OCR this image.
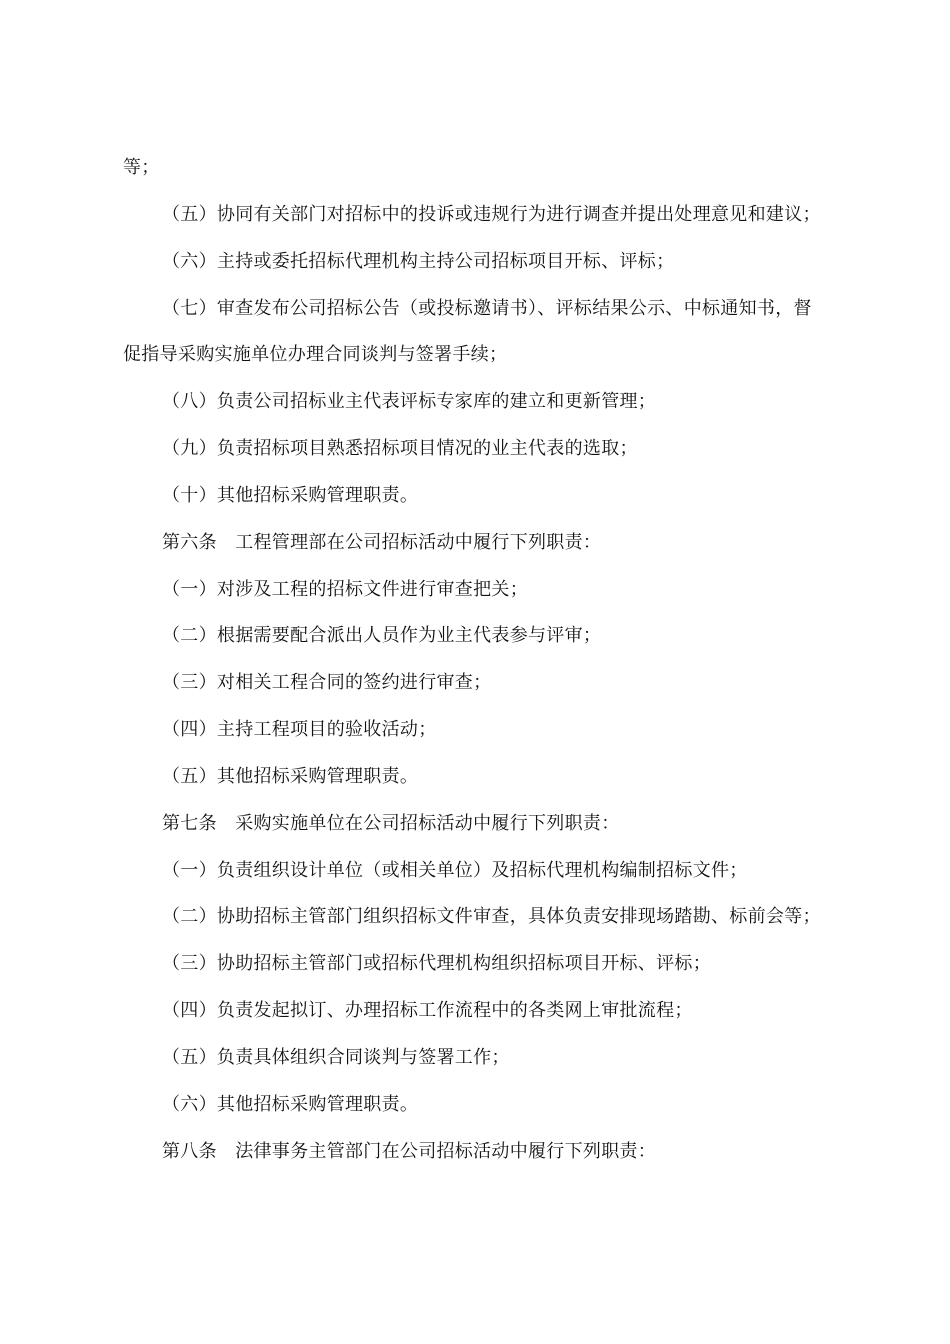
等；
（五）协同有关部门对招标中的投诉或违规行为进行调查并提出处理意见和建议；
（六）主持或委托招标代理机构主持公司招标项目开标、评标；
（七）审查发布公司招标公告（或投标邀请书）、评标结果公示、中标通知书，督
促指导采购实施单位办理合同谈判与签署手续；
（八）负责公司招标业主代表评标专家库的建立和更新管理；
（九）负责招标项目熟悉招标项目情况的业主代表的选取；
（十）其他招标采购管理职责。
第六条　工程管理部在公司招标活动中履行下列职责：
（一）对涉及工程的招标文件进行审查把关；
（二）根据需要配合派出人员作为业主代表参与评审；
（三）对相关工程合同的签约进行审查；
（四）主持工程项目的验收活动；
（五）其他招标采购管理职责。
第七条　采购实施单位在公司招标活动中履行下列职责：
（一）负责组织设计单位（或相关单位）及招标代理机构编制招标文件；
（二）协助招标主管部门组织招标文件审查，具体负责安排现场踏勘、标前会等；
（三）协助招标主管部门或招标代理机构组织招标项目开标、评标；
（四）负责发起拟订、办理招标工作流程中的各类网上审批流程；
（五）负责具体组织合同谈判与签署工作；
（六）其他招标采购管理职责。
第八条　法律事务主管部门在公司招标活动中履行下列职责：
